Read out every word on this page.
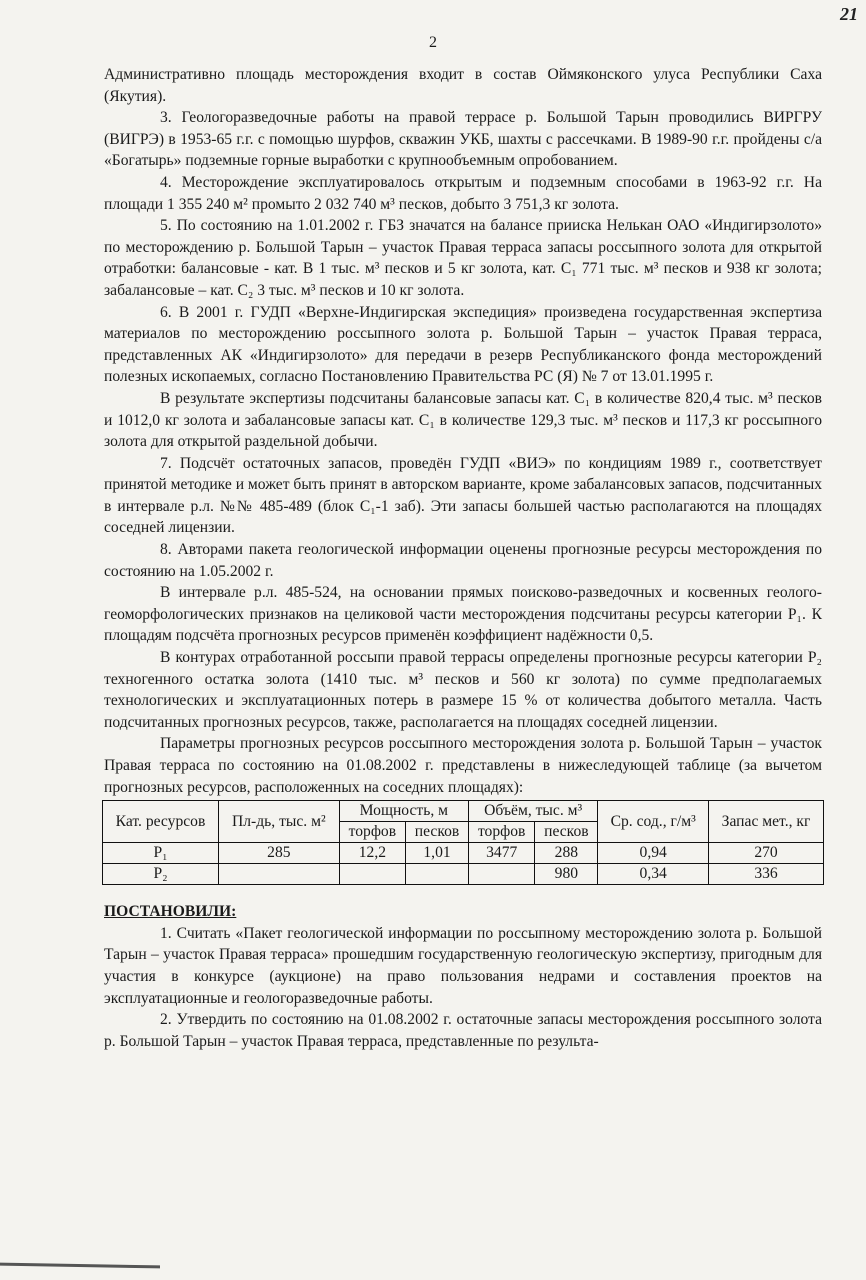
21
2

Административно площадь месторождения входит в состав Оймяконского улуса Республики Саха (Якутия).

3. Геологоразведочные работы на правой террасе р. Большой Тарын проводились ВИРГРУ (ВИГРЭ) в 1953-65 г.г. с помощью шурфов, скважин УКБ, шахты с рассечками. В 1989-90 г.г. пройдены с/а «Богатырь» подземные горные выработки с крупнообъемным опробованием.

4. Месторождение эксплуатировалось открытым и подземным способами в 1963-92 г.г. На площади 1 355 240 м² промыто 2 032 740 м³ песков, добыто 3 751,3 кг золота.

5. По состоянию на 1.01.2002 г. ГБЗ значатся на балансе прииска Нелькан ОАО «Индигирзолото» по месторождению р. Большой Тарын – участок Правая терраса запасы россыпного золота для открытой отработки: балансовые - кат. В 1 тыс. м³ песков и 5 кг золота, кат. С₁ 771 тыс. м³ песков и 938 кг золота; забалансовые – кат. С₂ 3 тыс. м³ песков и 10 кг золота.

6. В 2001 г. ГУДП «Верхне-Индигирская экспедиция» произведена государственная экспертиза материалов по месторождению россыпного золота р. Большой Тарын – участок Правая терраса, представленных АК «Индигирзолото» для передачи в резерв Республиканского фонда месторождений полезных ископаемых, согласно Постановлению Правительства РС (Я) № 7 от 13.01.1995 г.

В результате экспертизы подсчитаны балансовые запасы кат. С₁ в количестве 820,4 тыс. м³ песков и 1012,0 кг золота и забалансовые запасы кат. С₁ в количестве 129,3 тыс. м³ песков и 117,3 кг россыпного золота для открытой раздельной добычи.

7. Подсчёт остаточных запасов, проведён ГУДП «ВИЭ» по кондициям 1989 г., соответствует принятой методике и может быть принят в авторском варианте, кроме забалансовых запасов, подсчитанных в интервале р.л. №№ 485-489 (блок С₁-1 заб). Эти запасы большей частью располагаются на площадях соседней лицензии.

8. Авторами пакета геологической информации оценены прогнозные ресурсы месторождения по состоянию на 1.05.2002 г.

В интервале р.л. 485-524, на основании прямых поисково-разведочных и косвенных геолого-геоморфологических признаков на целиковой части месторождения подсчитаны ресурсы категории Р₁. К площадям подсчёта прогнозных ресурсов применён коэффициент надёжности 0,5.

В контурах отработанной россыпи правой террасы определены прогнозные ресурсы категории Р₂ техногенного остатка золота (1410 тыс. м³ песков и 560 кг золота) по сумме предполагаемых технологических и эксплуатационных потерь в размере 15 % от количества добытого металла. Часть подсчитанных прогнозных ресурсов, также, располагается на площадях соседней лицензии.

Параметры прогнозных ресурсов россыпного месторождения золота р. Большой Тарын – участок Правая терраса по состоянию на 01.08.2002 г. представлены в нижеследующей таблице (за вычетом прогнозных ресурсов, расположенных на соседних площадях):

Кат. ресурсов	Пл-дь, тыс. м²	Мощность, м		Объём, тыс. м³		Ср. сод., г/м³	Запас мет., кг
		торфов	песков	торфов	песков		
Р₁	285	12,2	1,01	3477	288	0,94	270
Р₂					980	0,34	336

ПОСТАНОВИЛИ:

1. Считать «Пакет геологической информации по россыпному месторождению золота р. Большой Тарын – участок Правая терраса» прошедшим государственную геологическую экспертизу, пригодным для участия в конкурсе (аукционе) на право пользования недрами и составления проектов на эксплуатационные и геологоразведочные работы.

2. Утвердить по состоянию на 01.08.2002 г. остаточные запасы месторождения россыпного золота р. Большой Тарын – участок Правая терраса, представленные по результа-
